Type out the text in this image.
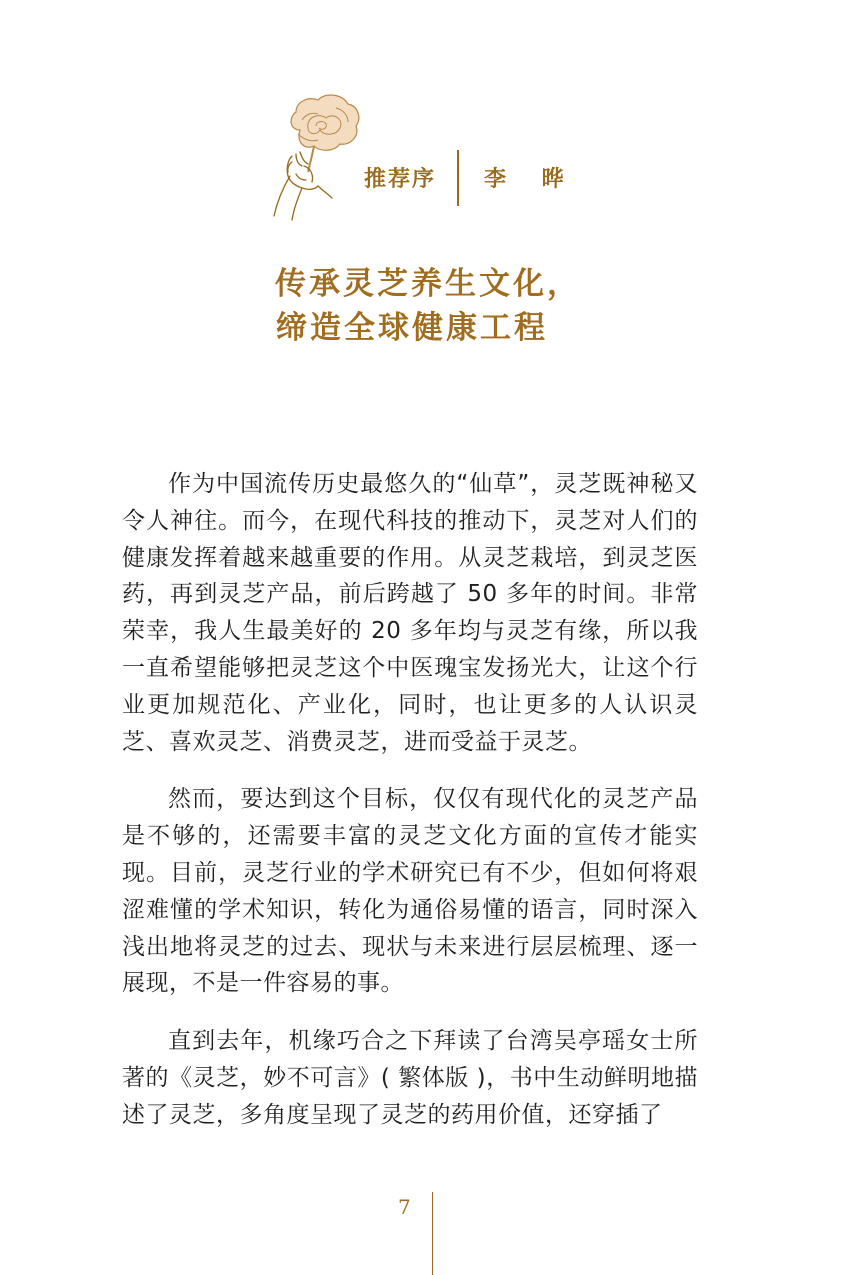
推荐序 李 晔
传承灵芝养生文化，
缔造全球健康工程

作为中国流传历史最悠久的“仙草”，灵芝既神秘又令人神往。而今，在现代科技的推动下，灵芝对人们的健康发挥着越来越重要的作用。从灵芝栽培，到灵芝医药，再到灵芝产品，前后跨越了 50 多年的时间。非常荣幸，我人生最美好的 20 多年均与灵芝有缘，所以我一直希望能够把灵芝这个中医瑰宝发扬光大，让这个行业更加规范化、产业化，同时，也让更多的人认识灵芝、喜欢灵芝、消费灵芝，进而受益于灵芝。

然而，要达到这个目标，仅仅有现代化的灵芝产品是不够的，还需要丰富的灵芝文化方面的宣传才能实现。目前，灵芝行业的学术研究已有不少，但如何将艰涩难懂的学术知识，转化为通俗易懂的语言，同时深入浅出地将灵芝的过去、现状与未来进行层层梳理、逐一展现，不是一件容易的事。

直到去年，机缘巧合之下拜读了台湾吴亭瑶女士所著的《灵芝，妙不可言》( 繁体版 )，书中生动鲜明地描述了灵芝，多角度呈现了灵芝的药用价值，还穿插了

7
